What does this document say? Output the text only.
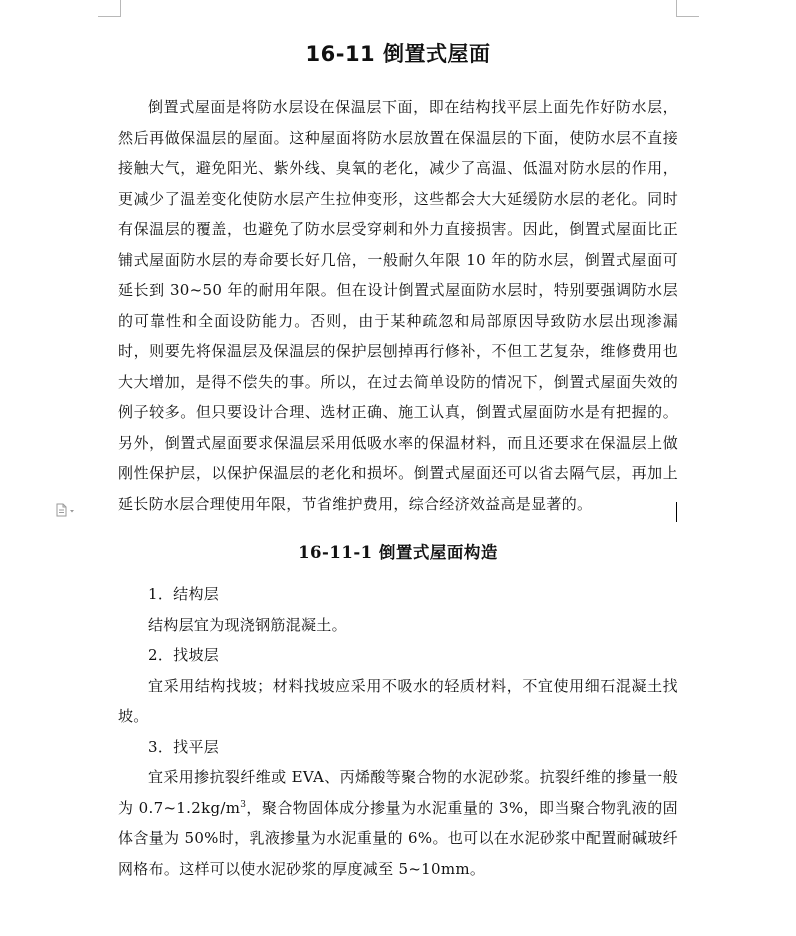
16-11 倒置式屋面

倒置式屋面是将防水层设在保温层下面，即在结构找平层上面先作好防水层，然后再做保温层的屋面。这种屋面将防水层放置在保温层的下面，使防水层不直接接触大气，避免阳光、紫外线、臭氧的老化，减少了高温、低温对防水层的作用，更减少了温差变化使防水层产生拉伸变形，这些都会大大延缓防水层的老化。同时有保温层的覆盖，也避免了防水层受穿刺和外力直接损害。因此，倒置式屋面比正铺式屋面防水层的寿命要长好几倍，一般耐久年限 10 年的防水层，倒置式屋面可延长到 30~50 年的耐用年限。但在设计倒置式屋面防水层时，特别要强调防水层的可靠性和全面设防能力。否则，由于某种疏忽和局部原因导致防水层出现渗漏时，则要先将保温层及保温层的保护层刨掉再行修补，不但工艺复杂，维修费用也大大增加，是得不偿失的事。所以，在过去简单设防的情况下，倒置式屋面失效的例子较多。但只要设计合理、选材正确、施工认真，倒置式屋面防水是有把握的。另外，倒置式屋面要求保温层采用低吸水率的保温材料，而且还要求在保温层上做刚性保护层，以保护保温层的老化和损坏。倒置式屋面还可以省去隔气层，再加上延长防水层合理使用年限，节省维护费用，综合经济效益高是显著的。

16-11-1 倒置式屋面构造

1．结构层

结构层宜为现浇钢筋混凝土。

2．找坡层

宜采用结构找坡；材料找坡应采用不吸水的轻质材料，不宜使用细石混凝土找坡。

3．找平层

宜采用掺抗裂纤维或 EVA、丙烯酸等聚合物的水泥砂浆。抗裂纤维的掺量一般为 $0.7\sim 1.2kg/m^3$，聚合物固体成分掺量为水泥重量的 3%，即当聚合物乳液的固体含量为 50%时，乳液掺量为水泥重量的 6%。也可以在水泥砂浆中配置耐碱玻纤网格布。这样可以使水泥砂浆的厚度减至 5~10mm。
